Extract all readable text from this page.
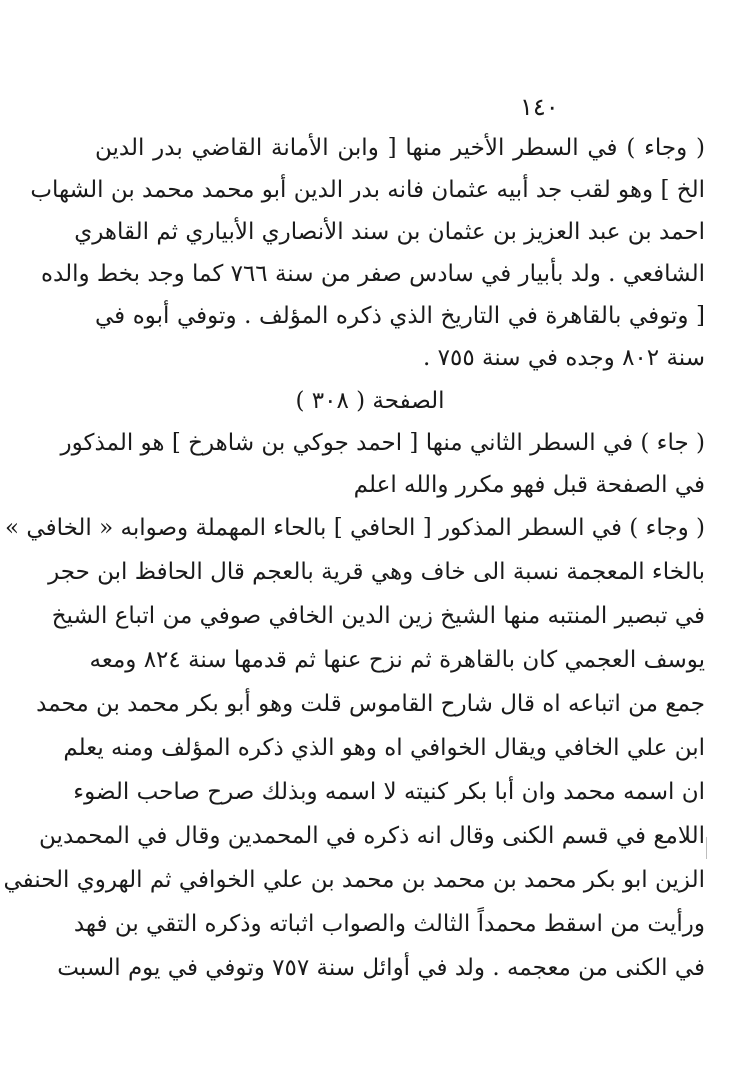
١٤٠
( وجاء ) في السطر الأخير منها [ وابن الأمانة القاضي بدر الدين
الخ ] وهو لقب جد أبيه عثمان فانه بدر الدين أبو محمد محمد بن الشهاب
احمد بن عبد العزيز بن عثمان بن سند الأنصاري الأبياري ثم القاهري
الشافعي . ولد بأبيار في سادس صفر من سنة ٧٦٦ كما وجد بخط والده
[ وتوفي بالقاهرة في التاريخ الذي ذكره المؤلف . وتوفي أبوه في
سنة ٨٠٢ وجده في سنة ٧٥٥ .
الصفحة ( ٣٠٨ )
( جاء ) في السطر الثاني منها [ احمد جوكي بن شاهرخ ] هو المذكور
في الصفحة قبل فهو مكرر والله اعلم
( وجاء ) في السطر المذكور [ الحافي ] بالحاء المهملة وصوابه « الخافي »
بالخاء المعجمة نسبة الى خاف وهي قرية بالعجم قال الحافظ ابن حجر
في تبصير المنتبه منها الشيخ زين الدين الخافي صوفي من اتباع الشيخ
يوسف العجمي كان بالقاهرة ثم نزح عنها ثم قدمها سنة ٨٢٤ ومعه
جمع من اتباعه اه قال شارح القاموس قلت وهو أبو بكر محمد بن محمد
ابن علي الخافي ويقال الخوافي اه وهو الذي ذكره المؤلف ومنه يعلم
ان اسمه محمد وان أبا بكر كنيته لا اسمه وبذلك صرح صاحب الضوء
اللامع في قسم الكنى وقال انه ذكره في المحمدين وقال في المحمدين
الزين ابو بكر محمد بن محمد بن محمد بن علي الخوافي ثم الهروي الحنفي
ورأيت من اسقط محمداً الثالث والصواب اثباته وذكره التقي بن فهد
في الكنى من معجمه . ولد في أوائل سنة ٧٥٧ وتوفي في يوم السبت
